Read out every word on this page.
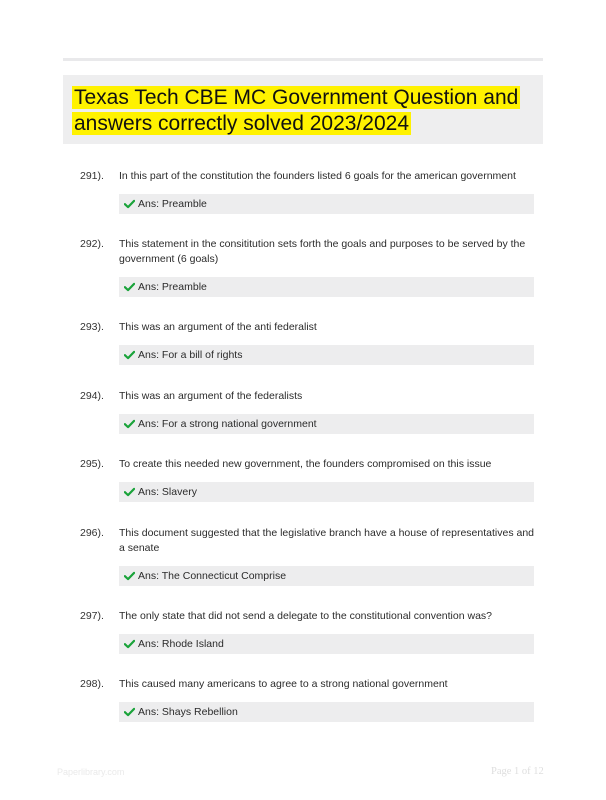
Texas Tech CBE MC Government Question and answers correctly solved 2023/2024
291). In this part of the constitution the founders listed 6 goals for the american government
Ans: Preamble
292). This statement in the consititution sets forth the goals and purposes to be served by the government (6 goals)
Ans: Preamble
293). This was an argument of the anti federalist
Ans: For a bill of rights
294). This was an argument of the federalists
Ans: For a strong national government
295). To create this needed new government, the founders compromised on this issue
Ans: Slavery
296). This document suggested that the legislative branch have a house of representatives and a senate
Ans: The Connecticut Comprise
297). The only state that did not send a delegate to the constitutional convention was?
Ans: Rhode Island
298). This caused many americans to agree to a strong national government
Ans: Shays Rebellion
Paperlibrary.com	Page 1 of 12
